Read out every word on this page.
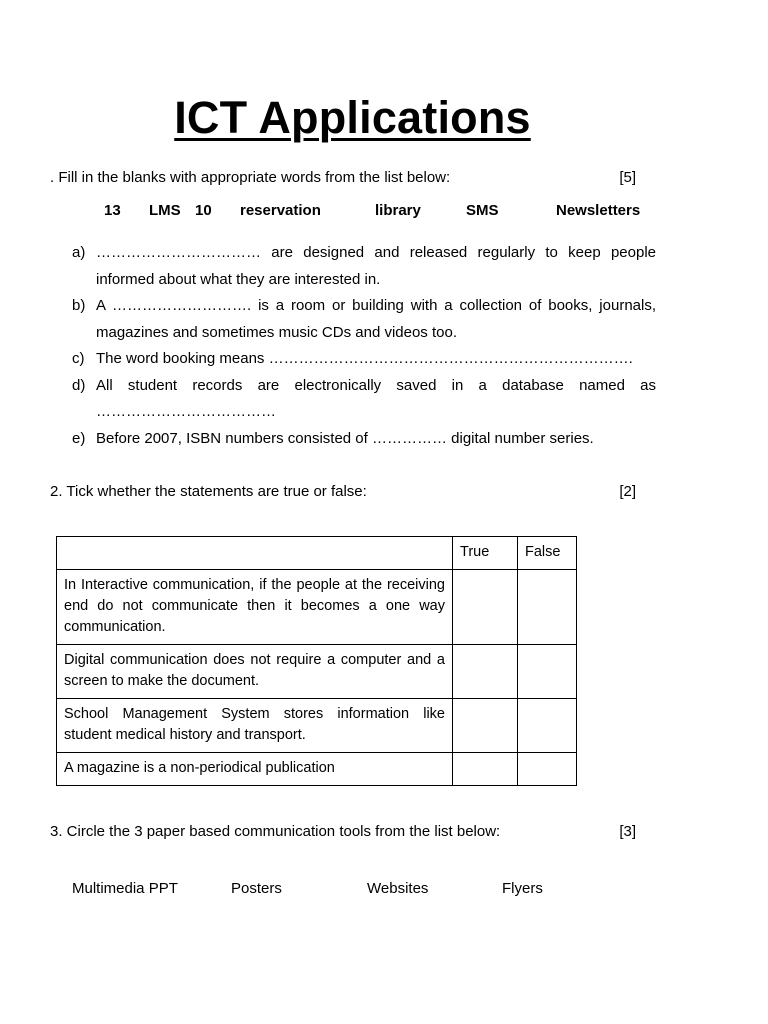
ICT Applications
. Fill in the blanks with appropriate words from the list below:	[5]
13 LMS 10 reservation	library	SMS	Newsletters
a) …………………………… are designed and released regularly to keep people informed about what they are interested in.
b) A ………………………. is a room or building with a collection of books, journals, magazines and sometimes music CDs and videos too.
c) The word booking means ……………………………………………………………….
d) All student records are electronically saved in a database named as ………………………………
e) Before 2007, ISBN numbers consisted of …………… digital number series.
2. Tick whether the statements are true or false:	[2]
	True	False
In Interactive communication, if the people at the receiving end do not communicate then it becomes a one way communication.		
Digital communication does not require a computer and a screen to make the document.		
School Management System stores information like student medical history and transport.		
A magazine is a non-periodical publication		
3. Circle the 3 paper based communication tools from the list below:	[3]
Multimedia PPT	Posters	Websites	Flyers
